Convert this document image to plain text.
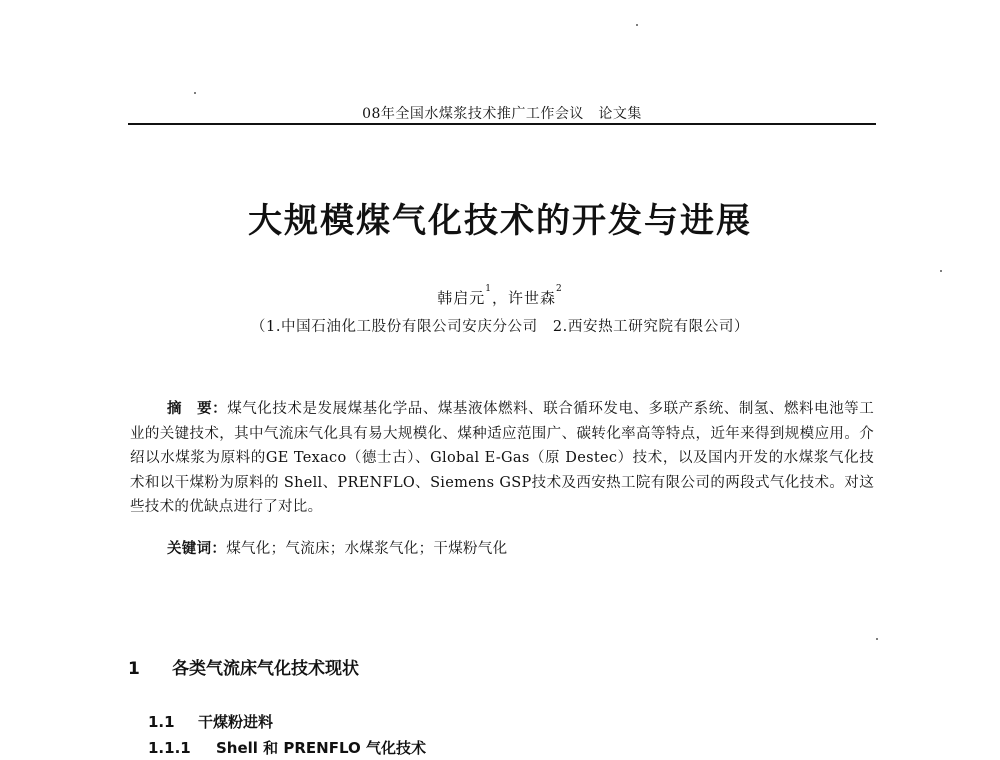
08年全国水煤浆技术推广工作会议　论文集
大规模煤气化技术的开发与进展
韩启元$^1$，许世森$^2$
（1.中国石油化工股份有限公司安庆分公司　2.西安热工研究院有限公司）
摘　要：煤气化技术是发展煤基化学品、煤基液体燃料、联合循环发电、多联产系统、制氢、燃料电池等工业的关键技术，其中气流床气化具有易大规模化、煤种适应范围广、碳转化率高等特点，近年来得到规模应用。介绍以水煤浆为原料的GE Texaco（德士古）、Global E-Gas（原 Destec）技术，以及国内开发的水煤浆气化技术和以干煤粉为原料的 Shell、PRENFLO、Siemens GSP技术及西安热工院有限公司的两段式气化技术。对这些技术的优缺点进行了对比。
关键词：煤气化；气流床；水煤浆气化；干煤粉气化
1 各类气流床气化技术现状
1.1 干煤粉进料
1.1.1 Shell 和 PRENFLO 气化技术
